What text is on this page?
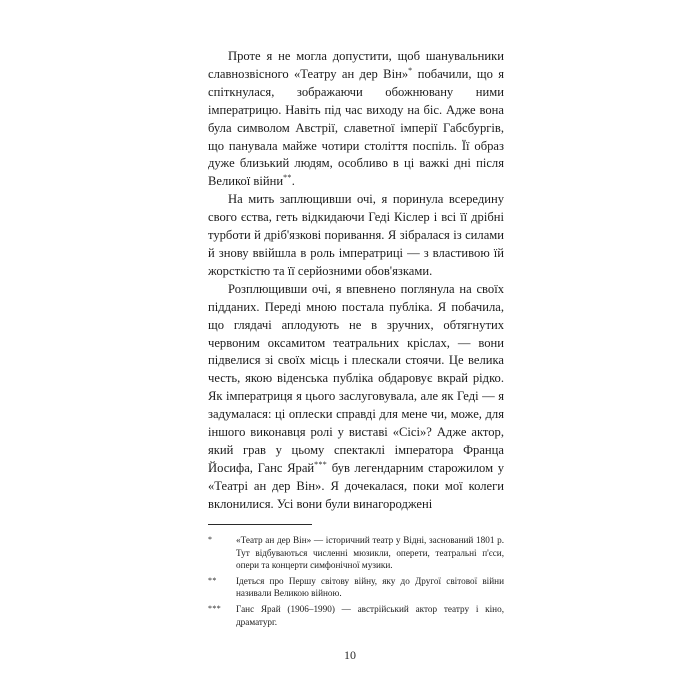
Проте я не могла допустити, щоб шанувальники славнозвісного «Театру ан дер Він»* побачили, що я спіткнулася, зображаючи обожнювану ними імператрицю. Навіть під час виходу на біс. Адже вона була символом Австрії, славетної імперії Габсбургів, що панувала майже чотири століття поспіль. Її образ дуже близький людям, особливо в ці важкі дні після Великої війни**.

На мить заплющивши очі, я поринула всередину свого єства, геть відкидаючи Геді Кіслер і всі її дрібні турботи й дріб'язкові поривання. Я зібралася із силами й знову ввійшла в роль імператриці — з властивою їй жорсткістю та її серйозними обов'язками.

Розплющивши очі, я впевнено поглянула на своїх підданих. Переді мною постала публіка. Я побачила, що глядачі аплодують не в зручних, обтягнутих червоним оксамитом театральних кріслах, — вони підвелися зі своїх місць і плескали стоячи. Це велика честь, якою віденська публіка обдаровує вкрай рідко. Як імператриця я цього заслуговувала, але як Геді — я задумалася: ці оплески справді для мене чи, може, для іншого виконавця ролі у виставі «Сісі»? Адже актор, який грав у цьому спектаклі імператора Франца Йосифа, Ганс Ярай*** був легендарним старожилом у «Театрі ан дер Він». Я дочекалася, поки мої колеги вклонилися. Усі вони були винагороджені

*	«Театр ан дер Він» — історичний театр у Відні, заснований 1801 р. Тут відбуваються численні мюзикли, оперети, театральні п'єси, опери та концерти симфонічної музики.
**	Ідеться про Першу світову війну, яку до Другої світової війни називали Великою війною.
***	Ганс Ярай (1906–1990) — австрійський актор театру і кіно, драматург.
10
